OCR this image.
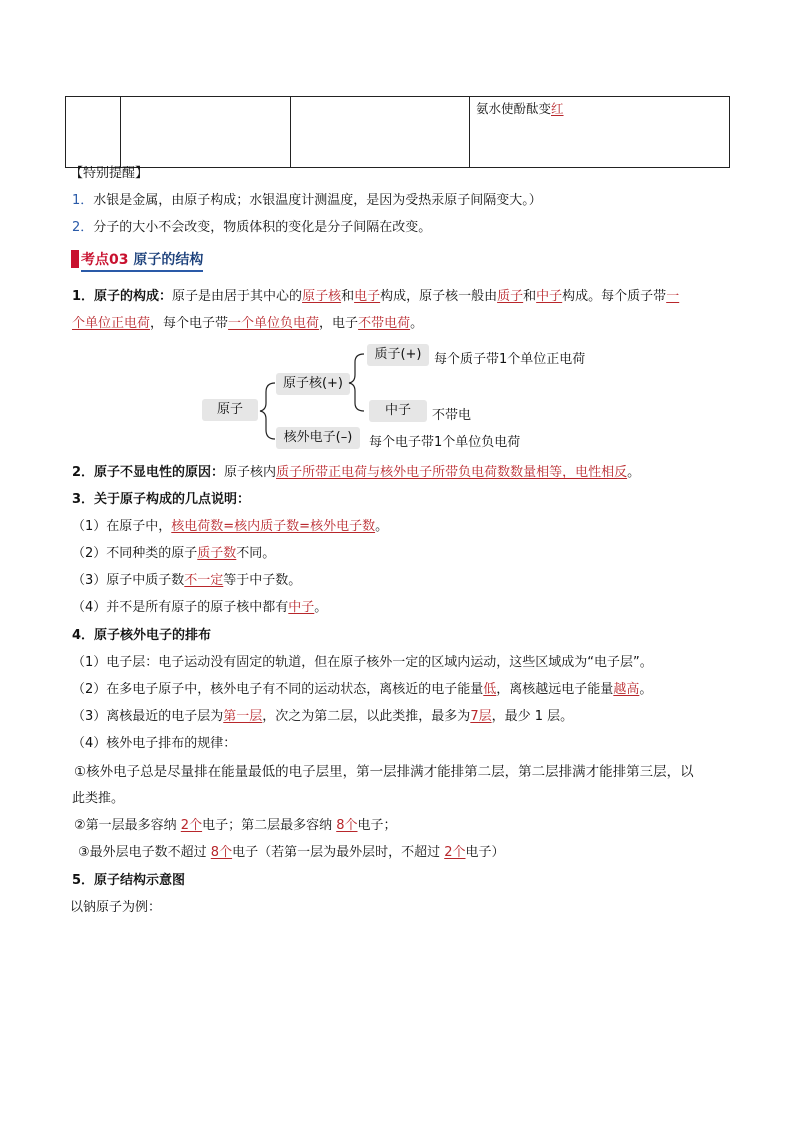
			氨水使酚酞变红
【特别提醒】
1．水银是金属，由原子构成；水银温度计测温度，是因为受热汞原子间隔变大。）
2．分子的大小不会改变，物质体积的变化是分子间隔在改变。
考点03 原子的结构
1．原子的构成：原子是由居于其中心的原子核和电子构成，原子核一般由质子和中子构成。每个质子带一
个单位正电荷，每个电子带一个单位负电荷，电子不带电荷。
原子
原子核(+)
核外电子(–)
质子(+)
中子
每个质子带1个单位正电荷
不带电
每个电子带1个单位负电荷
2．原子不显电性的原因：原子核内质子所带正电荷与核外电子所带负电荷数数量相等，电性相反。
3．关于原子构成的几点说明：
（1）在原子中，核电荷数=核内质子数=核外电子数。
（2）不同种类的原子质子数不同。
（3）原子中质子数不一定等于中子数。
（4）并不是所有原子的原子核中都有中子。
4．原子核外电子的排布
（1）电子层：电子运动没有固定的轨道，但在原子核外一定的区域内运动，这些区域成为“电子层”。
（2）在多电子原子中，核外电子有不同的运动状态，离核近的电子能量低，离核越远电子能量越高。
（3）离核最近的电子层为第一层，次之为第二层，以此类推，最多为7层，最少 1 层。
（4）核外电子排布的规律：
①核外电子总是尽量排在能量最低的电子层里，第一层排满才能排第二层，第二层排满才能排第三层，以
此类推。
②第一层最多容纳 2个电子；第二层最多容纳 8个电子；
③最外层电子数不超过 8个电子（若第一层为最外层时，不超过 2个电子）
5．原子结构示意图
以钠原子为例：
